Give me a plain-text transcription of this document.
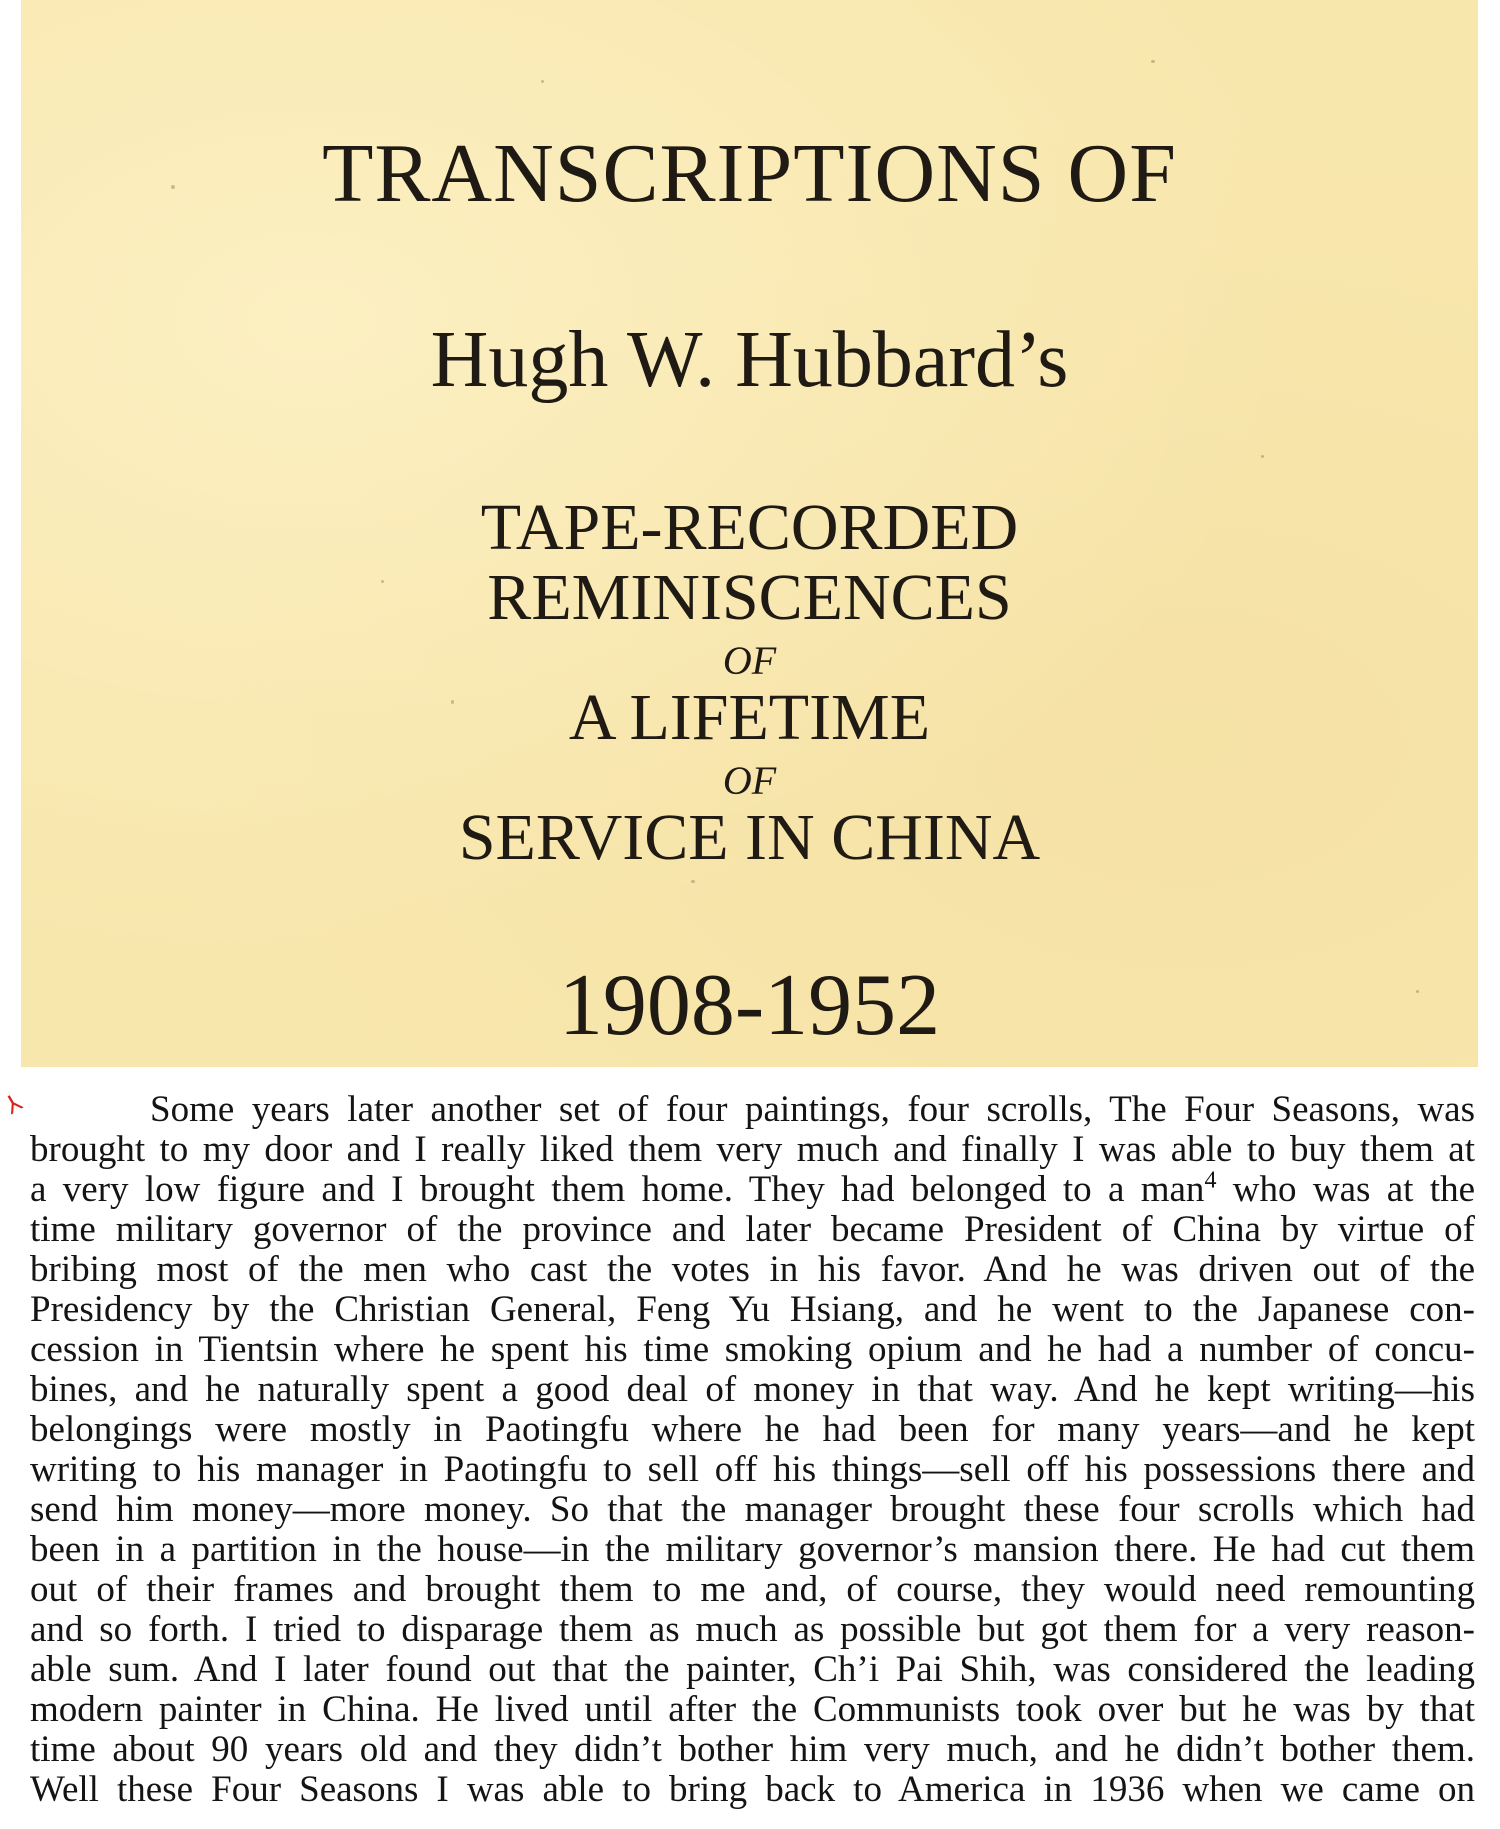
TRANSCRIPTIONS OF
Hugh W. Hubbard’s
TAPE-RECORDED
REMINISCENCES
OF
A LIFETIME
OF
SERVICE IN CHINA
1908-1952
⅄	Some years later another set of four paintings, four scrolls, The Four Seasons, was
brought to my door and I really liked them very much and finally I was able to buy them at
a very low figure and I brought them home. They had belonged to a man$^4$ who was at the
time military governor of the province and later became President of China by virtue of
bribing most of the men who cast the votes in his favor. And he was driven out of the
Presidency by the Christian General, Feng Yu Hsiang, and he went to the Japanese con-
cession in Tientsin where he spent his time smoking opium and he had a number of concu-
bines, and he naturally spent a good deal of money in that way. And he kept writing—his
belongings were mostly in Paotingfu where he had been for many years—and he kept
writing to his manager in Paotingfu to sell off his things—sell off his possessions there and
send him money—more money. So that the manager brought these four scrolls which had
been in a partition in the house—in the military governor’s mansion there. He had cut them
out of their frames and brought them to me and, of course, they would need remounting
and so forth. I tried to disparage them as much as possible but got them for a very reason-
able sum. And I later found out that the painter, Ch’i Pai Shih, was considered the leading
modern painter in China. He lived until after the Communists took over but he was by that
time about 90 years old and they didn’t bother him very much, and he didn’t bother them.
Well these Four Seasons I was able to bring back to America in 1936 when we came on
